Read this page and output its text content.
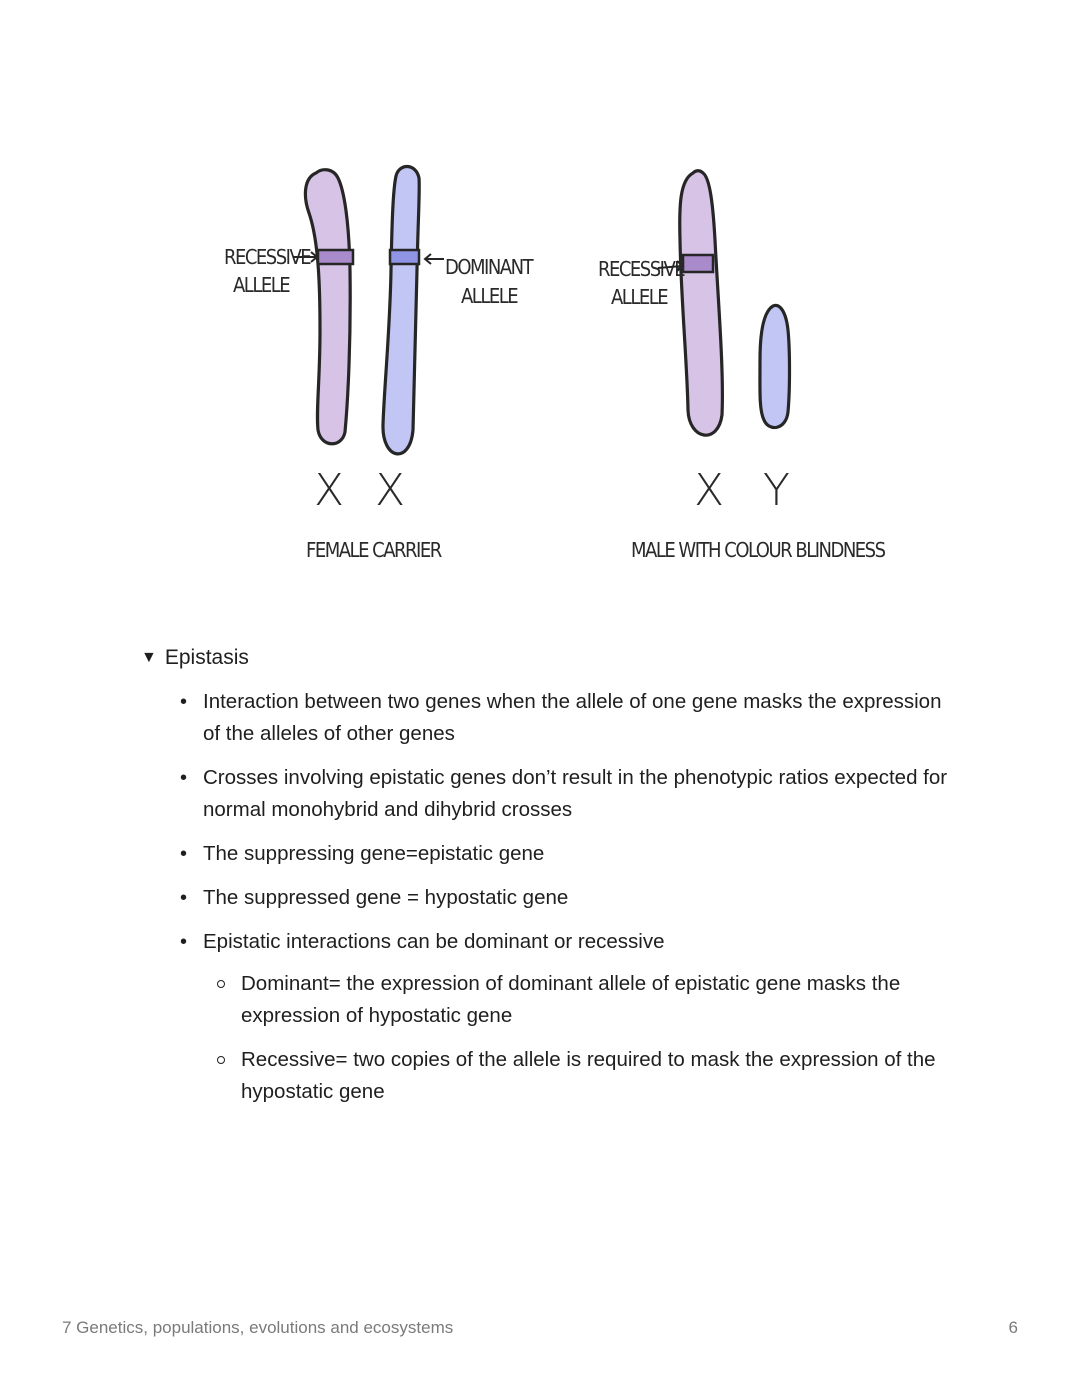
RECESSIVE
ALLELE
DOMINANT
ALLELE
X X
FEMALE CARRIER
RECESSIVE
ALLELE
X Y
MALE WITH COLOUR BLINDNESS
▼ Epistasis
• Interaction between two genes when the allele of one gene masks the expression of the alleles of other genes
• Crosses involving epistatic genes don’t result in the phenotypic ratios expected for normal monohybrid and dihybrid crosses
• The suppressing gene=epistatic gene
• The suppressed gene = hypostatic gene
• Epistatic interactions can be dominant or recessive
Dominant= the expression of dominant allele of epistatic gene masks the expression of hypostatic gene
Recessive= two copies of the allele is required to mask the expression of the hypostatic gene
7 Genetics, populations, evolutions and ecosystems	6
